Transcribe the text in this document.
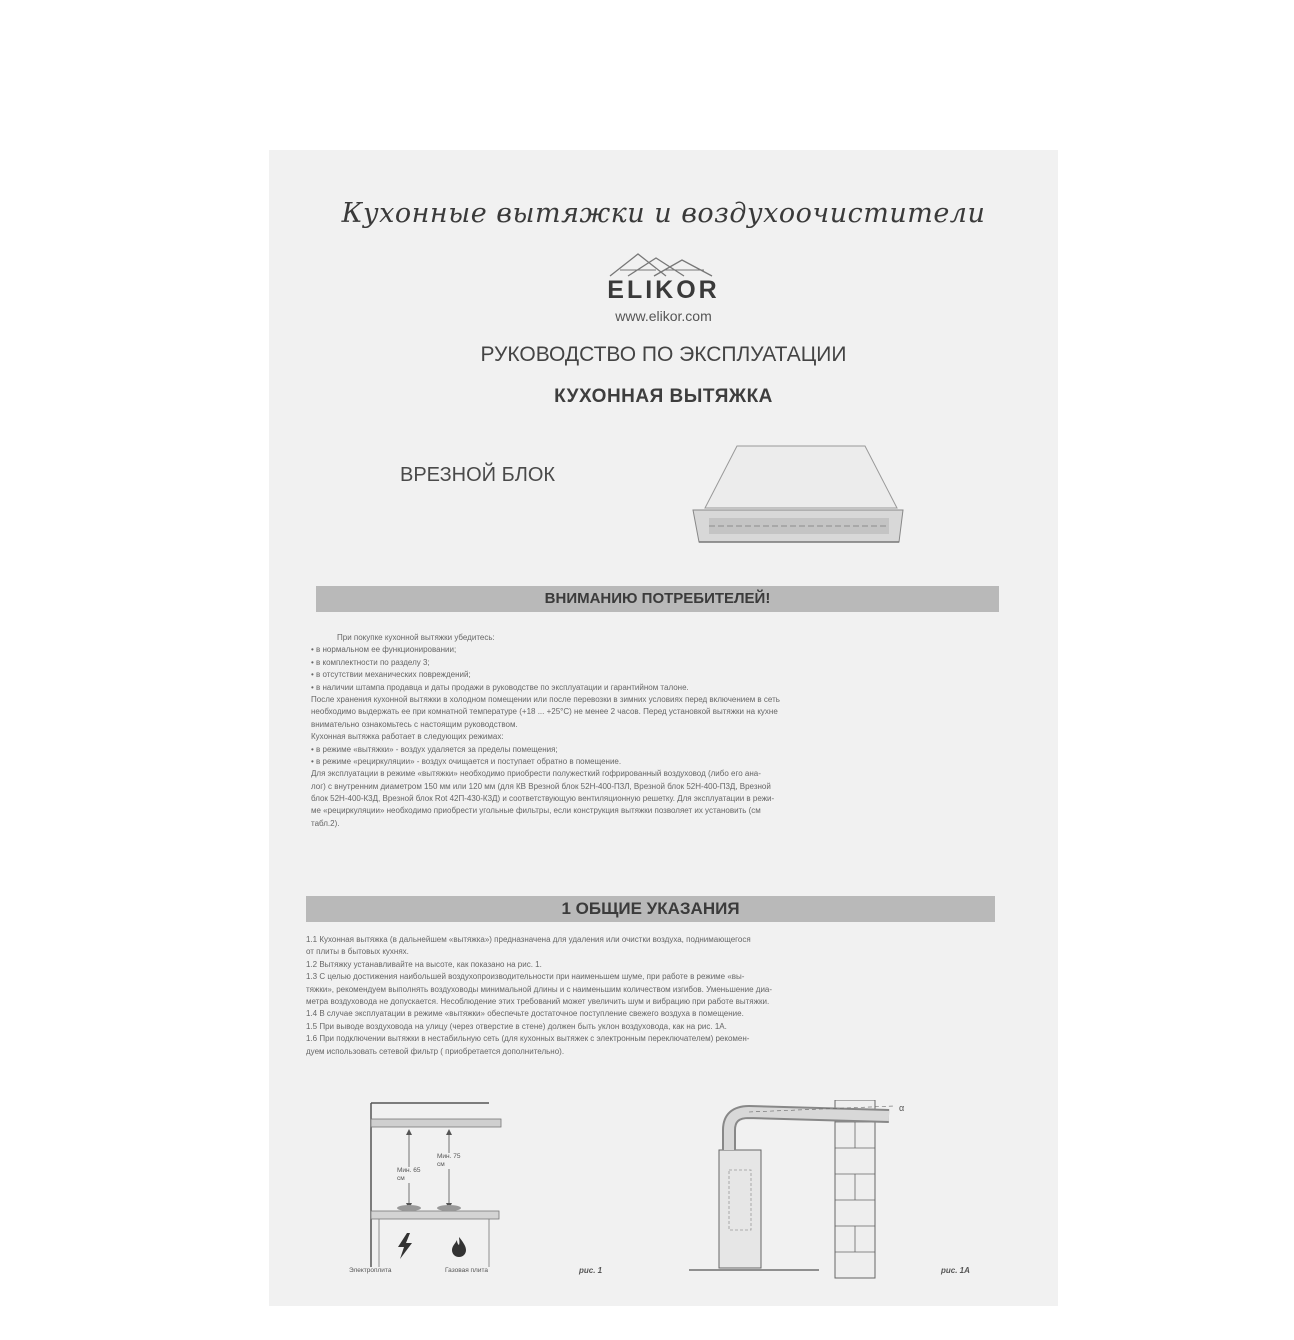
Кухонные вытяжки и воздухоочистители
ELIKOR
www.elikor.com
РУКОВОДСТВО ПО ЭКСПЛУАТАЦИИ
КУХОННАЯ ВЫТЯЖКА
ВРЕЗНОЙ БЛОК
ВНИМАНИЮ ПОТРЕБИТЕЛЕЙ!
При покупке кухонной вытяжки убедитесь:
• в нормальном ее функционировании;
• в комплектности по разделу 3;
• в отсутствии механических повреждений;
• в наличии штампа продавца и даты продажи в руководстве по эксплуатации и гарантийном талоне.
После хранения кухонной вытяжки в холодном помещении или после перевозки в зимних условиях перед включением в сеть
необходимо выдержать ее при комнатной температуре (+18 ... +25°C) не менее 2 часов. Перед установкой вытяжки на кухне
внимательно ознакомьтесь с настоящим руководством.
Кухонная вытяжка работает в следующих режимах:
• в режиме «вытяжки» - воздух удаляется за пределы помещения;
• в режиме «рециркуляции» - воздух очищается и поступает обратно в помещение.
Для эксплуатации в режиме «вытяжки» необходимо приобрести полужесткий гофрированный воздуховод (либо его ана-
лог) с внутренним диаметром 150 мм или 120 мм (для КВ Врезной блок 52Н-400-П3Л, Врезной блок 52Н-400-П3Д, Врезной
блок 52Н-400-К3Д, Врезной блок Rot 42П-430-К3Д) и соответствующую вентиляционную решетку. Для эксплуатации в режи-
ме «рециркуляции» необходимо приобрести угольные фильтры, если конструкция вытяжки позволяет их установить (см
табл.2).
1 ОБЩИЕ УКАЗАНИЯ
1.1 Кухонная вытяжка (в дальнейшем «вытяжка») предназначена для удаления или очистки воздуха, поднимающегося
от плиты в бытовых кухнях.
1.2 Вытяжку устанавливайте на высоте, как показано на рис. 1.
1.3 С целью достижения наибольшей воздухопроизводительности при наименьшем шуме, при работе в режиме «вы-
тяжки», рекомендуем выполнять воздуховоды минимальной длины и с наименьшим количеством изгибов. Уменьшение диа-
метра воздуховода не допускается. Несоблюдение этих требований может увеличить шум и вибрацию при работе вытяжки.
1.4 В случае эксплуатации в режиме «вытяжки» обеспечьте достаточное поступление свежего воздуха в помещение.
1.5 При выводе воздуховода на улицу (через отверстие в стене) должен быть уклон воздуховода, как на рис. 1А.
1.6 При подключении вытяжки в нестабильную сеть (для кухонных вытяжек с электронным переключателем) рекомен-
дуем использовать сетевой фильтр ( приобретается дополнительно).
Мин. 65 см
Мин. 75 см
Электроплита	Газовая плита	рис. 1
α
рис. 1А
